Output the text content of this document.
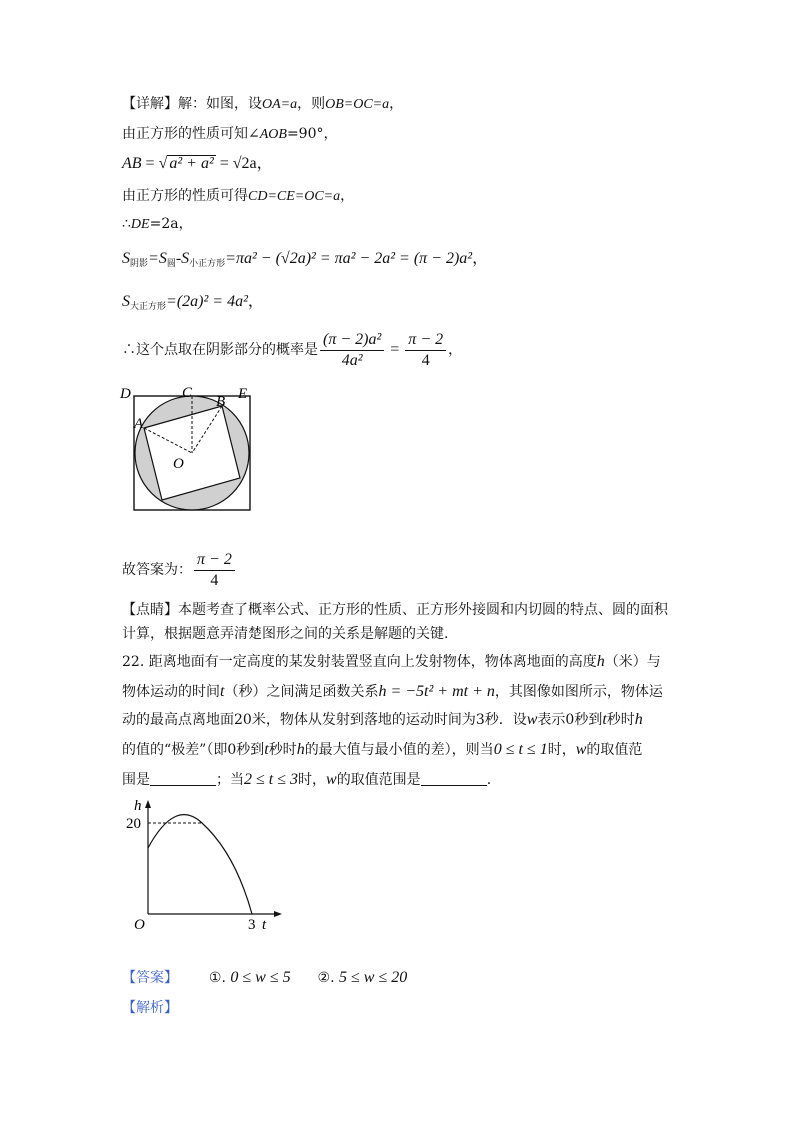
【详解】解：如图，设OA=a，则OB=OC=a，
由正方形的性质可知∠AOB=90°，
AB = √ a² + a² = √2a，
由正方形的性质可得CD=CE=OC=a，
∴DE=2a，
$S_{阴影}=S_圆-S_{小正方形}=\pi a^2 - (√2a)^2 = \pi a^2 - 2a^2 = (\pi - 2)a^2$，
$S_{大正方形}=(2a)^2 = 4a^2$，
∴这个点取在阴影部分的概率是 $\frac{\text{(π − 2)a²}}{\text{4a²}} = \frac{\pi - 2}{4}$ ，
D	C
B E
A
O
故答案为： $\frac{\pi - 2}{4}$
【点睛】本题考查了概率公式、正方形的性质、正方形外接圆和内切圆的特点、圆的面积
计算，根据题意弄清楚图形之间的关系是解题的关键.
22. 距离地面有一定高度的某发射装置竖直向上发射物体，物体离地面的高度h（米）与
物体运动的时间t（秒）之间满足函数关系h = −5t² + mt + n，其图像如图所示，物体运
动的最高点离地面20米，物体从发射到落地的运动时间为3秒．设w表示0秒到t秒时h
的值的“极差”（即0秒到t秒时h的最大值与最小值的差），则当0 ≤ t ≤ 1时，w的取值范
围是	；当2 ≤ t ≤ 3时，w的取值范围是	.
h
20
O	3 t
【答案】 ①. 0 ≤ w ≤ 5 ②. 5 ≤ w ≤ 20
【解析】
